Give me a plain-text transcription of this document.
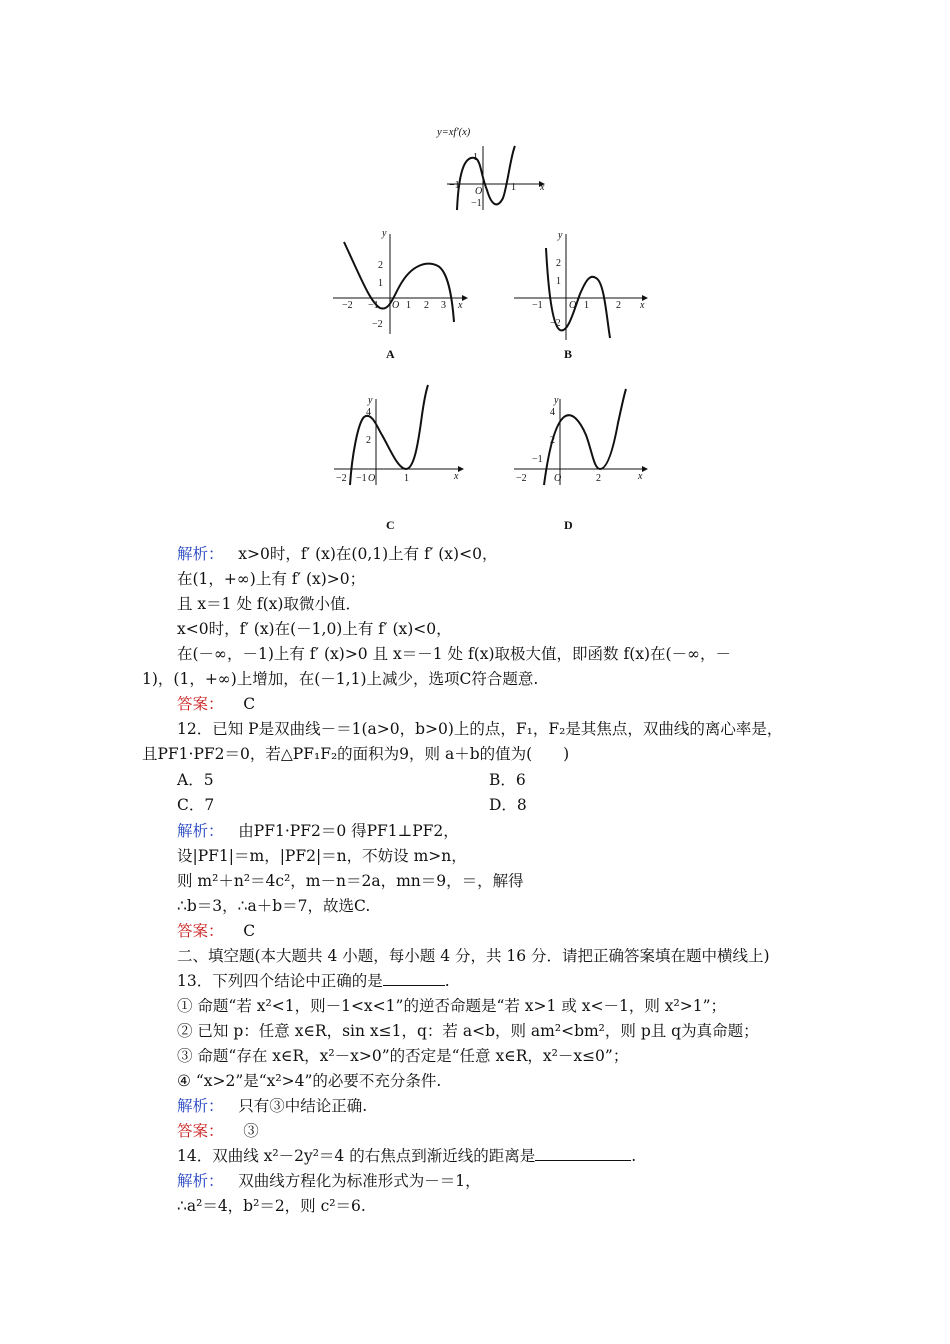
y=xf′(x)
1
−1
O	1
−1
x
y
2
1
−2
−1 O 1 2 3 x
−2
A
y
2
1
−1	O 1	2 x
−2
B
y
4
2
−2 −1 O	1	x
C
y
4
2
−1
−2	O	2	x
D
解析： x>0时，f′ (x)在(0,1)上有 f′ (x)<0，
在(1，+∞)上有 f′ (x)>0；
且 x＝1 处 f(x)取微小值．
x<0时，f′ (x)在(－1,0)上有 f′ (x)<0，
在(－∞，－1)上有 f′ (x)>0 且 x＝－1 处 f(x)取极大值，即函数 f(x)在(－∞，－
1)，(1，+∞)上增加，在(－1,1)上减少，选项C符合题意.
答案： C
12．已知 P是双曲线－＝1(a>0，b>0)上的点，F₁，F₂是其焦点，双曲线的离心率是，
且PF1·PF2＝0，若△PF₁F₂的面积为9，则 a＋b的值为(　　)
A．5	B．6
C．7	D．8
解析： 由PF1·PF2＝0 得PF1⊥PF2，
设|PF1|＝m，|PF2|＝n，不妨设 m>n，
则 m²＋n²＝4c²，m－n＝2a，mn＝9，＝，解得
∴b＝3，∴a＋b＝7，故选C.
答案： C
二、填空题(本大题共 4 小题，每小题 4 分，共 16 分．请把正确答案填在题中横线上)
13．下列四个结论中正确的是	.
① 命题“若 x²<1，则－1<x<1”的逆否命题是“若 x>1 或 x<－1，则 x²>1”；
② 已知 p：任意 x∈R，sin x≤1，q：若 a<b，则 am²<bm²，则 p且 q为真命题；
③ 命题“存在 x∈R，x²－x>0”的否定是“任意 x∈R，x²－x≤0”；
④ “x>2”是“x²>4”的必要不充分条件.
解析： 只有③中结论正确.
答案： ③
14．双曲线 x²－2y²＝4 的右焦点到渐近线的距离是	.
解析： 双曲线方程化为标准形式为－＝1，
∴a²＝4，b²＝2，则 c²＝6.
